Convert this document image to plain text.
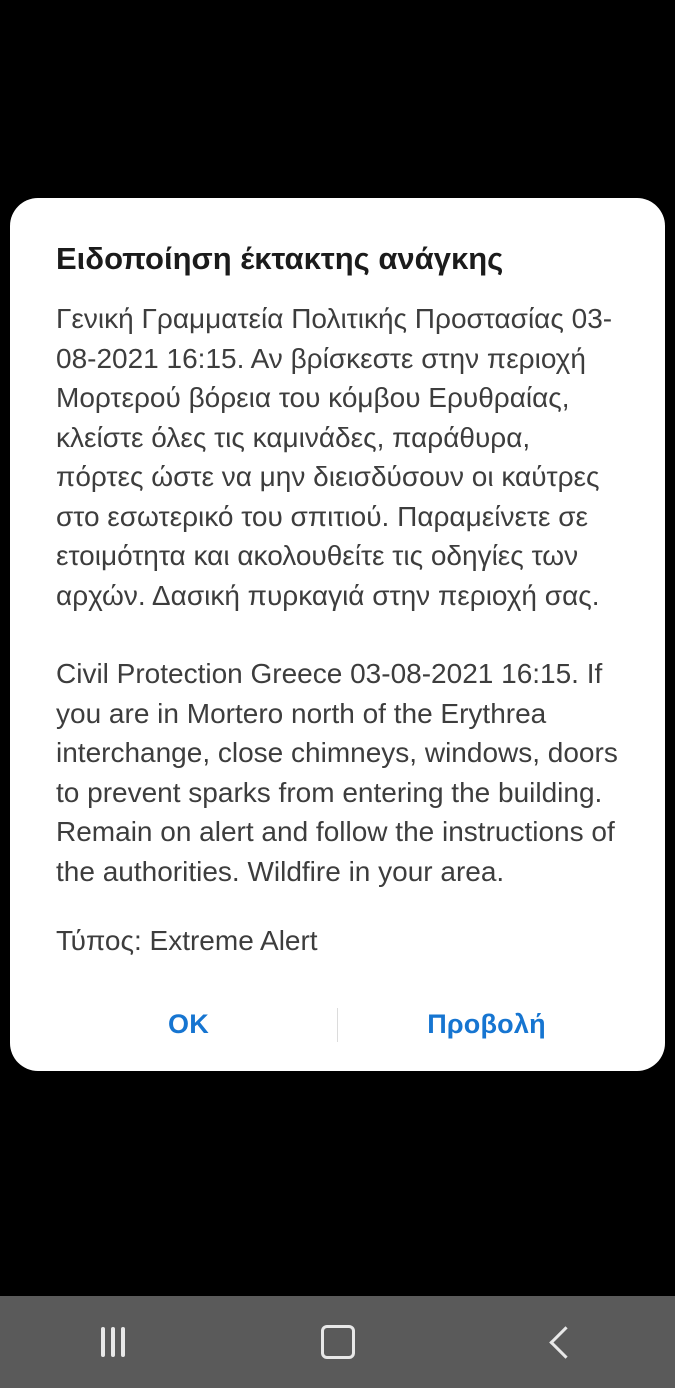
Ειδοποίηση έκτακτης ανάγκης

Γενική Γραμματεία Πολιτικής Προστασίας 03-08-2021 16:15. Αν βρίσκεστε στην περιοχή Μορτερού βόρεια του κόμβου Ερυθραίας, κλείστε όλες τις καμινάδες, παράθυρα, πόρτες ώστε να μην διεισδύσουν οι καύτρες στο εσωτερικό του σπιτιού. Παραμείνετε σε ετοιμότητα και ακολουθείτε τις οδηγίες των αρχών. Δασική πυρκαγιά στην περιοχή σας.

Civil Protection Greece 03-08-2021 16:15. If you are in Mortero north of the Erythrea interchange, close chimneys, windows, doors to prevent sparks from entering the building. Remain on alert and follow the instructions of the authorities. Wildfire in your area.

Τύπος: Extreme Alert
OK	Προβολή
